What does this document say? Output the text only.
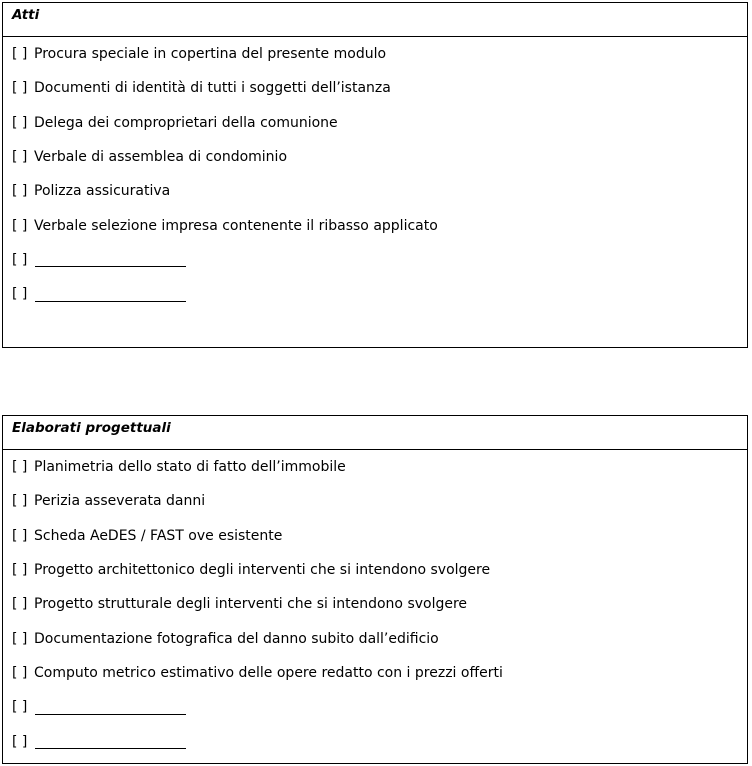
Atti
[ ] Procura speciale in copertina del presente modulo
[ ] Documenti di identità di tutti i soggetti dell’istanza
[ ] Delega dei comproprietari della comunione
[ ] Verbale di assemblea di condominio
[ ] Polizza assicurativa
[ ] Verbale selezione impresa contenente il ribasso applicato
[ ]
[ ]
Elaborati progettuali
[ ] Planimetria dello stato di fatto dell’immobile
[ ] Perizia asseverata danni
[ ] Scheda AeDES / FAST ove esistente
[ ] Progetto architettonico degli interventi che si intendono svolgere
[ ] Progetto strutturale degli interventi che si intendono svolgere
[ ] Documentazione fotografica del danno subito dall’edificio
[ ] Computo metrico estimativo delle opere redatto con i prezzi offerti
[ ]
[ ]
